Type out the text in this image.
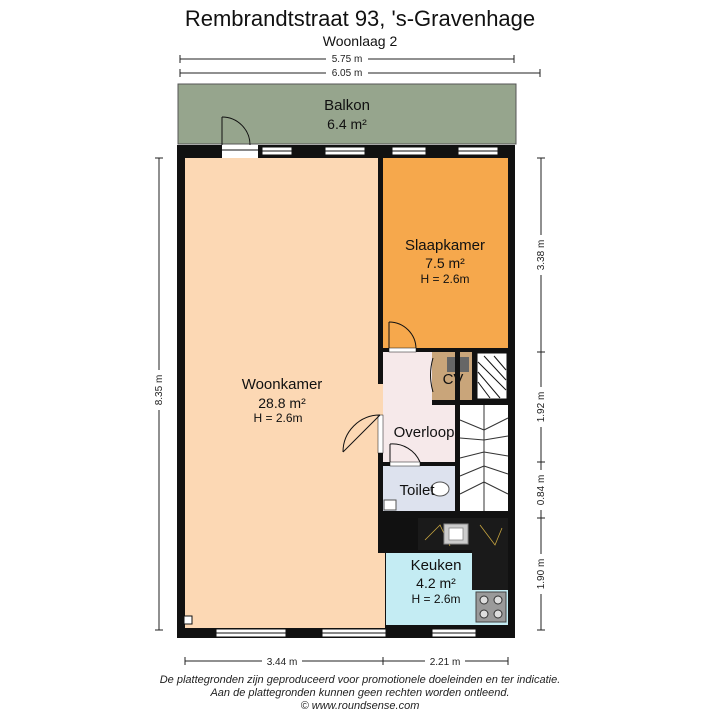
Rembrandtstraat 93, 's-Gravenhage
Woonlaag 2
5.75 m
6.05 m
Balkon
6.4 m²
Slaapkamer
7.5 m²
H = 2.6m
Woonkamer
28.8 m²
H = 2.6m
Overloop
CV
Toilet
Keuken
4.2 m²
H = 2.6m
8.35 m
3.38 m
1.92 m
0.84 m
1.90 m
3.44 m	2.21 m
De plattegronden zijn geproduceerd voor promotionele doeleinden en ter indicatie.
Aan de plattegronden kunnen geen rechten worden ontleend.
© www.roundsense.com
